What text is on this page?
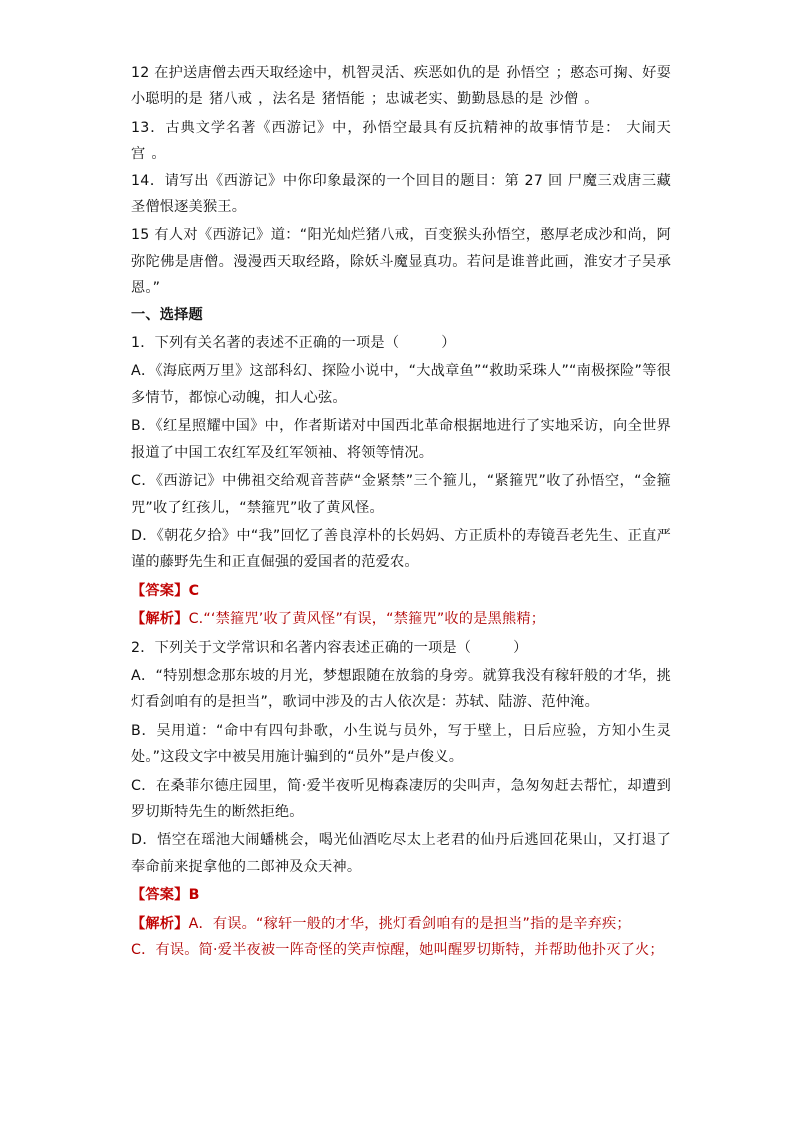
12 在护送唐僧去西天取经途中，机智灵活、疾恶如仇的是 孙悟空 ；憨态可掬、好耍小聪明的是 猪八戒 ，法名是 猪悟能 ；忠诚老实、勤勤恳恳的是 沙僧 。

13．古典文学名著《西游记》中，孙悟空最具有反抗精神的故事情节是： 大闹天宫 。

14．请写出《西游记》中你印象最深的一个回目的题目：第 27 回 尸魔三戏唐三藏圣僧恨逐美猴王。

15 有人对《西游记》道：“阳光灿烂猪八戒，百变猴头孙悟空，憨厚老成沙和尚，阿弥陀佛是唐僧。漫漫西天取经路，除妖斗魔显真功。若问是谁普此画，淮安才子吴承恩。”

一、选择题

1．下列有关名著的表述不正确的一项是（	）

A．《海底两万里》这部科幻、探险小说中，“大战章鱼”“救助采珠人”“南极探险”等很多情节，都惊心动魄，扣人心弦。

B．《红星照耀中国》中，作者斯诺对中国西北革命根据地进行了实地采访，向全世界报道了中国工农红军及红军领袖、将领等情况。

C．《西游记》中佛祖交给观音菩萨“金紧禁”三个箍儿，“紧箍咒”收了孙悟空，“金箍咒”收了红孩儿，“禁箍咒”收了黄风怪。

D．《朝花夕拾》中“我”回忆了善良淳朴的长妈妈、方正质朴的寿镜吾老先生、正直严谨的藤野先生和正直倔强的爱国者的范爱农。

【答案】C

【解析】C.“‘禁箍咒’收了黄风怪”有误，“禁箍咒”收的是黑熊精；

2．下列关于文学常识和名著内容表述正确的一项是（	）

A．“特别想念那东坡的月光，梦想跟随在放翁的身旁。就算我没有稼轩般的才华，挑灯看剑咱有的是担当”，歌词中涉及的古人依次是：苏轼、陆游、范仲淹。

B．吴用道：“命中有四句卦歌，小生说与员外，写于壁上，日后应验，方知小生灵处。”这段文字中被吴用施计骗到的“员外”是卢俊义。

C．在桑菲尔德庄园里，简·爱半夜听见梅森凄厉的尖叫声，急匆匆赶去帮忙，却遭到罗切斯特先生的断然拒绝。

D．悟空在瑶池大闹蟠桃会，喝光仙酒吃尽太上老君的仙丹后逃回花果山，又打退了奉命前来捉拿他的二郎神及众天神。

【答案】B

【解析】A．有误。“稼轩一般的才华，挑灯看剑咱有的是担当”指的是辛弃疾；

C．有误。简·爱半夜被一阵奇怪的笑声惊醒，她叫醒罗切斯特，并帮助他扑灭了火；
